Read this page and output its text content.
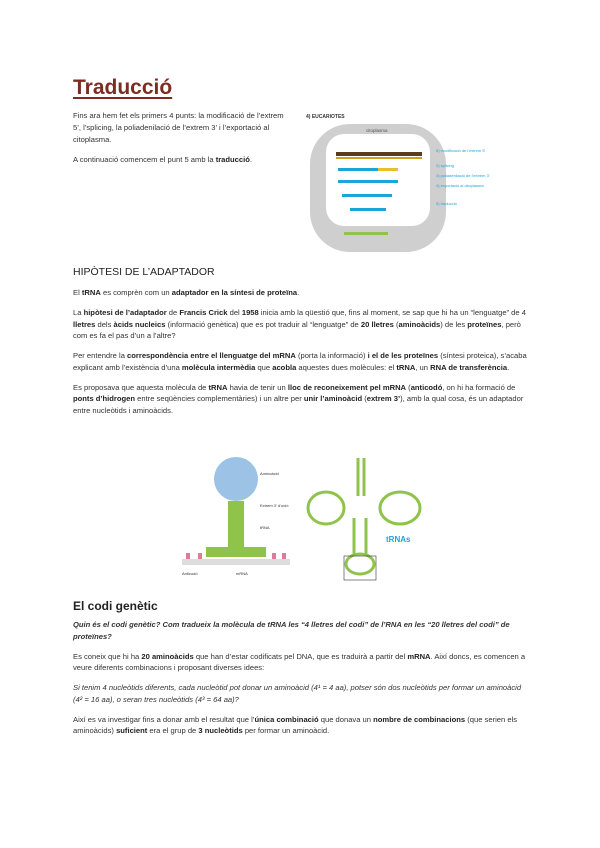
Traducció

Fins ara hem fet els primers 4 punts: la modificació de l’extrem 5’, l’splicing, la poliadenilació de l’extrem 3’ i l’exportació al citoplasma.

A continuació comencem el punt 5 amb la traducció.

4) EUCARIOTES
citoplasma
5) modificació de l'extrem 5'
2) splicing
3) poliadenilació de l'extrem 3'
4) exportació al citoplasma
5) traducció
HIPÒTESI DE L’ADAPTADOR

El tRNA es comprèn com un adaptador en la síntesi de proteïna.

La hipòtesi de l’adaptador de Francis Crick del 1958 inicia amb la qüestió que, fins al moment, se sap que hi ha un “lenguatge” de 4 lletres dels àcids nucleics (informació genètica) que es pot traduir al “lenguatge” de 20 lletres (aminoàcids) de les proteïnes, però com es fa el pas d’un a l’altre?

Per entendre la correspondència entre el llenguatge del mRNA (porta la informació) i el de les proteïnes (síntesi proteica), s’acaba explicant amb l’existència d’una molècula intermèdia que acobla aquestes dues molècules: el tRNA, un RNA de transferència.

Es proposava que aquesta molècula de tRNA havia de tenir un lloc de reconeixement pel mRNA (anticodó, on hi ha formació de ponts d’hidrogen entre seqüències complementàries) i un altre per unir l’aminoàcid (extrem 3’), amb la qual cosa, és un adaptador entre nucleòtids i aminoàcids.

Aminoàcid
Extrem 3' d'unió
tRNA
Anticodó	mRNA
tRNAs
El codi genètic

Quin és el codi genètic? Com tradueix la molècula de tRNA les “4 lletres del codi” de l’RNA en les “20 lletres del codi” de proteïnes?

Es coneix que hi ha 20 aminoàcids que han d’estar codificats pel DNA, que es traduirà a partir del mRNA. Així doncs, es comencen a veure diferents combinacions i proposant diverses idees:

Si tenim 4 nucleòtids diferents, cada nucleòtid pot donar un aminoàcid (4¹ = 4 aa), potser són dos nucleòtids per formar un aminoàcid (4² = 16 aa), o seran tres nucleòtids (4³ = 64 aa)?

Així es va investigar fins a donar amb el resultat que l’única combinació que donava un nombre de combinacions (que serien els aminoàcids) suficient era el grup de 3 nucleòtids per formar un aminoàcid.
